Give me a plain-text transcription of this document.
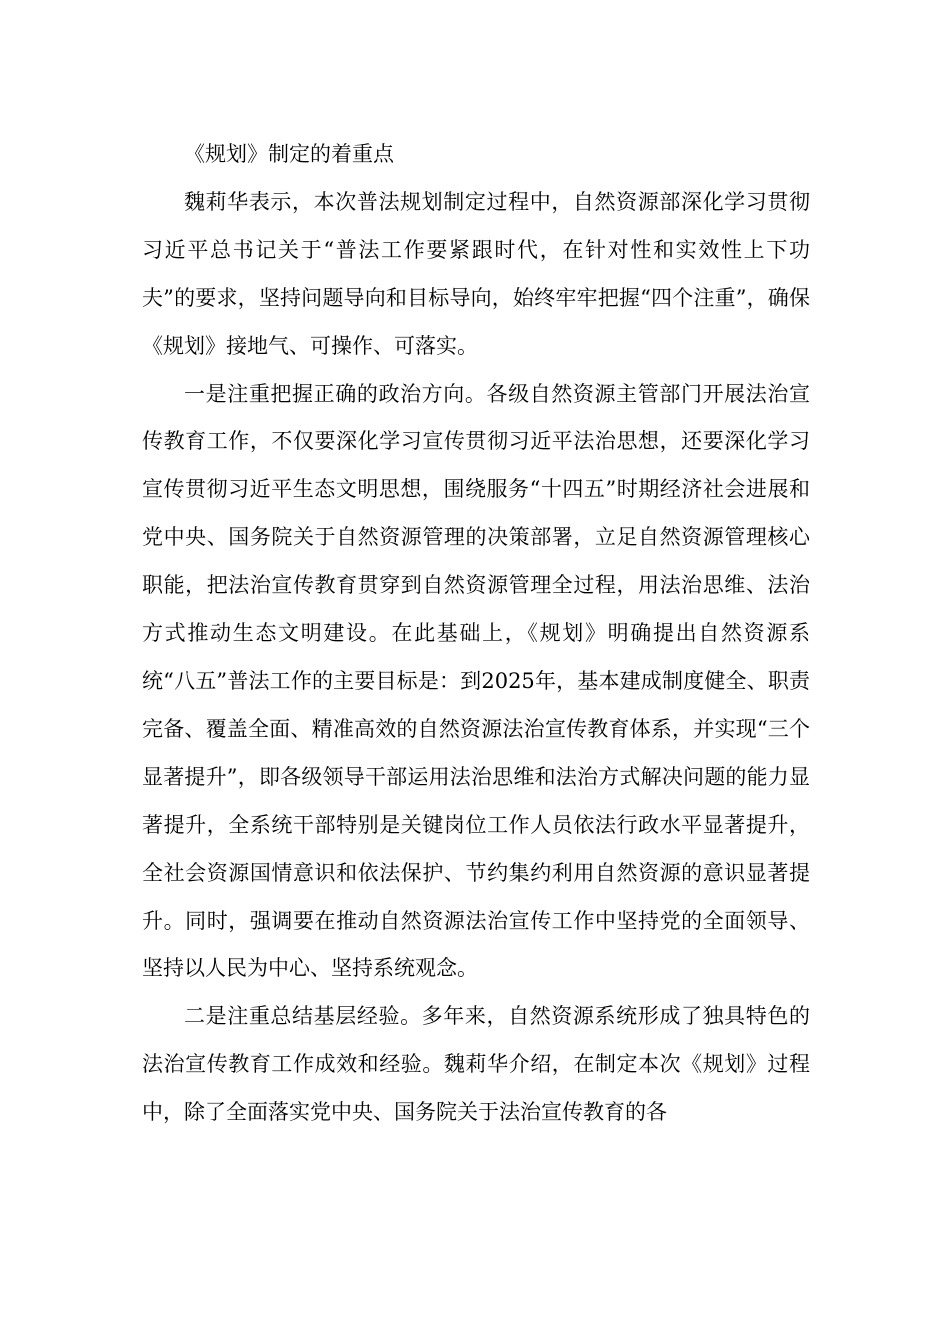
《规划》制定的着重点

魏莉华表示，本次普法规划制定过程中，自然资源部深化学习贯彻习近平总书记关于“普法工作要紧跟时代，在针对性和实效性上下功夫”的要求，坚持问题导向和目标导向，始终牢牢把握“四个注重”，确保《规划》接地气、可操作、可落实。

一是注重把握正确的政治方向。各级自然资源主管部门开展法治宣传教育工作，不仅要深化学习宣传贯彻习近平法治思想，还要深化学习宣传贯彻习近平生态文明思想，围绕服务“十四五”时期经济社会进展和党中央、国务院关于自然资源管理的决策部署，立足自然资源管理核心职能，把法治宣传教育贯穿到自然资源管理全过程，用法治思维、法治方式推动生态文明建设。在此基础上，《规划》明确提出自然资源系统“八五”普法工作的主要目标是：到2025年，基本建成制度健全、职责完备、覆盖全面、精准高效的自然资源法治宣传教育体系，并实现“三个显著提升”，即各级领导干部运用法治思维和法治方式解决问题的能力显著提升，全系统干部特别是关键岗位工作人员依法行政水平显著提升，全社会资源国情意识和依法保护、节约集约利用自然资源的意识显著提升。同时，强调要在推动自然资源法治宣传工作中坚持党的全面领导、坚持以人民为中心、坚持系统观念。

二是注重总结基层经验。多年来，自然资源系统形成了独具特色的法治宣传教育工作成效和经验。魏莉华介绍，在制定本次《规划》过程中，除了全面落实党中央、国务院关于法治宣传教育的各
